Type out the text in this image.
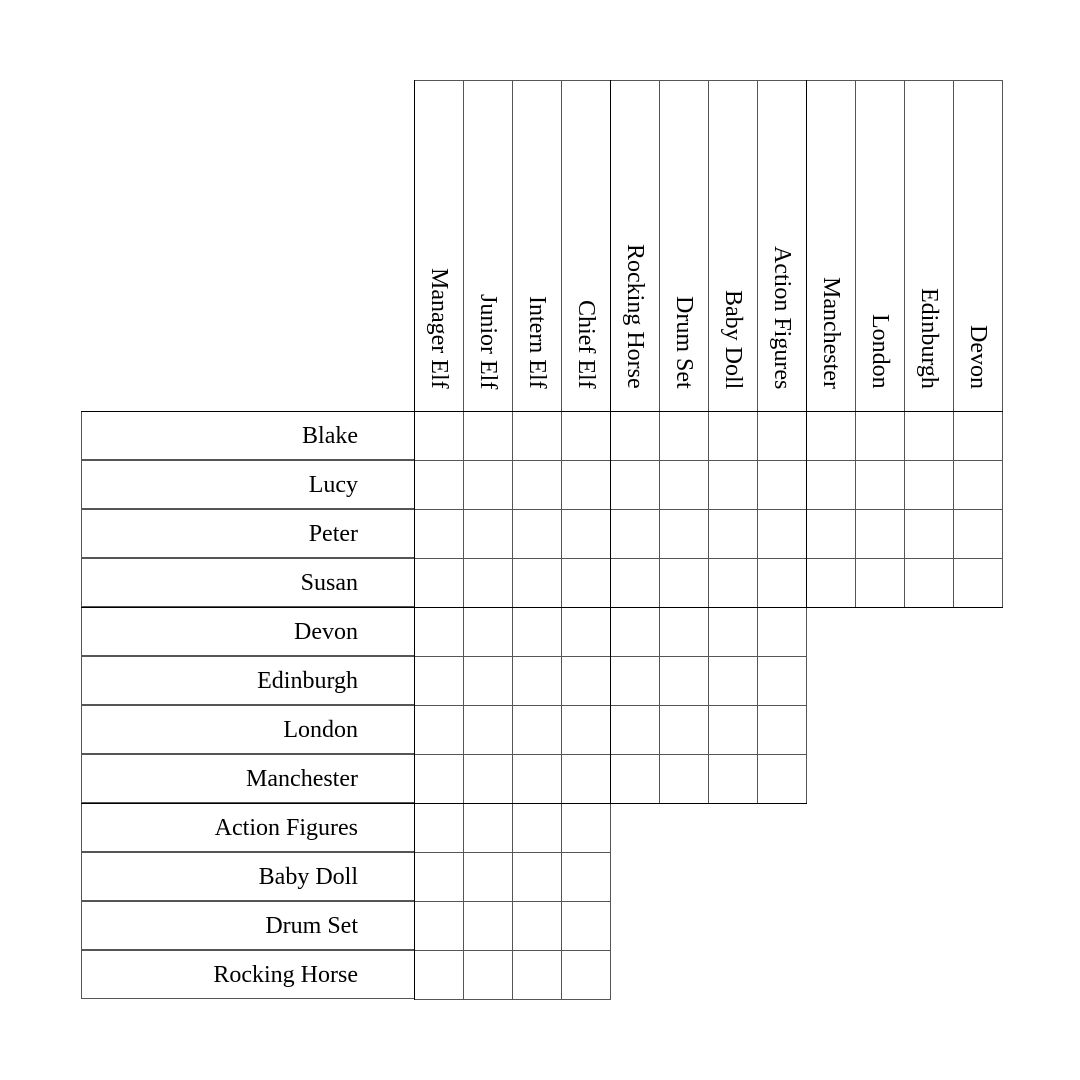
Manager Elf Junior Elf Intern Elf Chief Elf Rocking Horse Drum Set Baby Doll Action Figures Manchester London Edinburgh Devon
Blake
Lucy
Peter
Susan
Devon
Edinburgh
London
Manchester
Action Figures
Baby Doll
Drum Set
Rocking Horse
